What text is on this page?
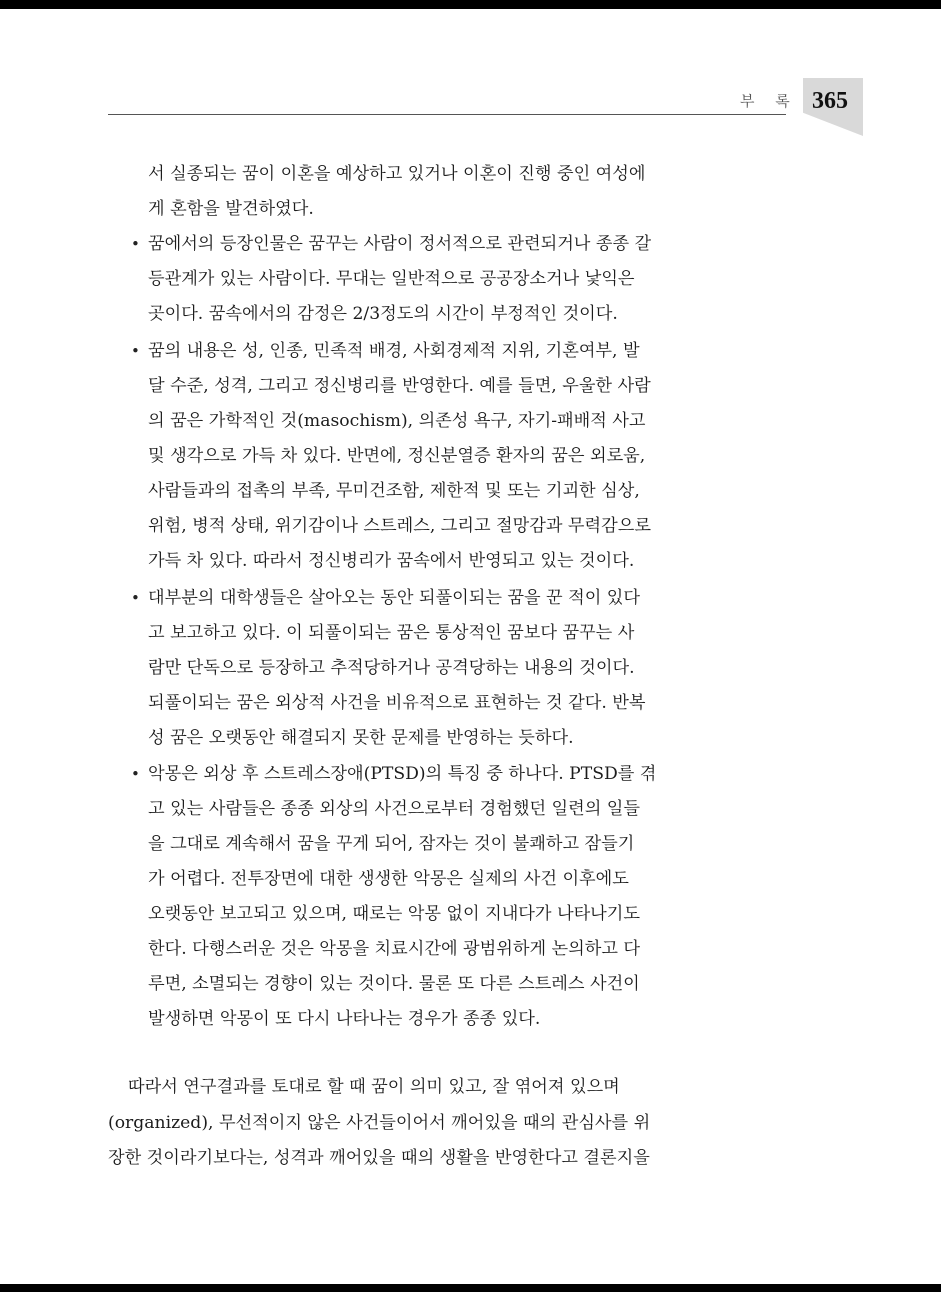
부 록 365
서 실종되는 꿈이 이혼을 예상하고 있거나 이혼이 진행 중인 여성에
게 혼함을 발견하였다.
• 꿈에서의 등장인물은 꿈꾸는 사람이 정서적으로 관련되거나 종종 갈
등관계가 있는 사람이다. 무대는 일반적으로 공공장소거나 낯익은
곳이다. 꿈속에서의 감정은 2/3정도의 시간이 부정적인 것이다.
• 꿈의 내용은 성, 인종, 민족적 배경, 사회경제적 지위, 기혼여부, 발
달 수준, 성격, 그리고 정신병리를 반영한다. 예를 들면, 우울한 사람
의 꿈은 가학적인 것(masochism), 의존성 욕구, 자기-패배적 사고
및 생각으로 가득 차 있다. 반면에, 정신분열증 환자의 꿈은 외로움,
사람들과의 접촉의 부족, 무미건조함, 제한적 및 또는 기괴한 심상,
위험, 병적 상태, 위기감이나 스트레스, 그리고 절망감과 무력감으로
가득 차 있다. 따라서 정신병리가 꿈속에서 반영되고 있는 것이다.
• 대부분의 대학생들은 살아오는 동안 되풀이되는 꿈을 꾼 적이 있다
고 보고하고 있다. 이 되풀이되는 꿈은 통상적인 꿈보다 꿈꾸는 사
람만 단독으로 등장하고 추적당하거나 공격당하는 내용의 것이다.
되풀이되는 꿈은 외상적 사건을 비유적으로 표현하는 것 같다. 반복
성 꿈은 오랫동안 해결되지 못한 문제를 반영하는 듯하다.
• 악몽은 외상 후 스트레스장애(PTSD)의 특징 중 하나다. PTSD를 겪
고 있는 사람들은 종종 외상의 사건으로부터 경험했던 일련의 일들
을 그대로 계속해서 꿈을 꾸게 되어, 잠자는 것이 불쾌하고 잠들기
가 어렵다. 전투장면에 대한 생생한 악몽은 실제의 사건 이후에도
오랫동안 보고되고 있으며, 때로는 악몽 없이 지내다가 나타나기도
한다. 다행스러운 것은 악몽을 치료시간에 광범위하게 논의하고 다
루면, 소멸되는 경향이 있는 것이다. 물론 또 다른 스트레스 사건이
발생하면 악몽이 또 다시 나타나는 경우가 종종 있다.
따라서 연구결과를 토대로 할 때 꿈이 의미 있고, 잘 엮어져 있으며
(organized), 무선적이지 않은 사건들이어서 깨어있을 때의 관심사를 위
장한 것이라기보다는, 성격과 깨어있을 때의 생활을 반영한다고 결론지을
